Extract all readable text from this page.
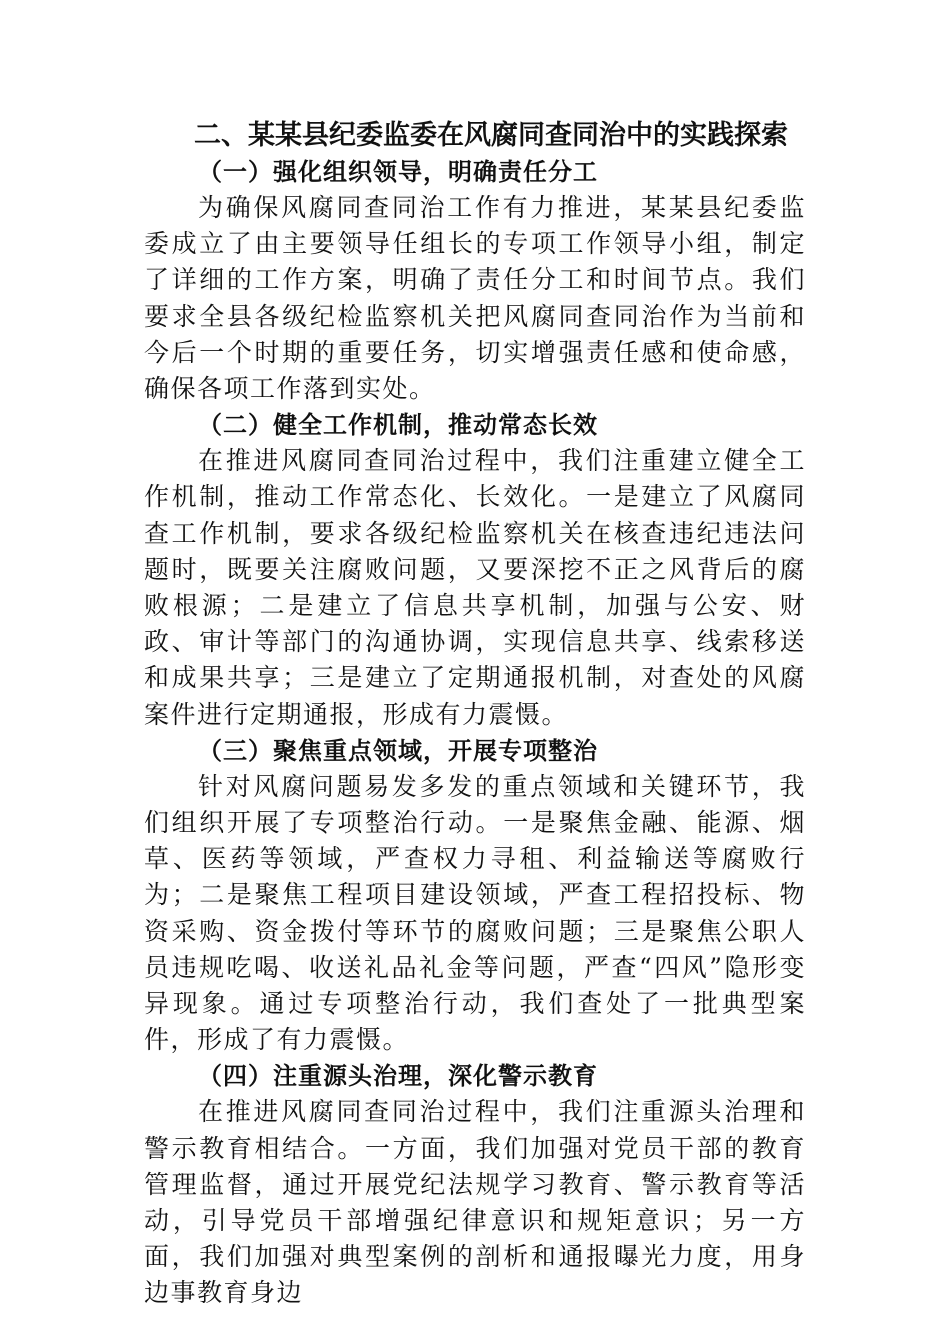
二、某某县纪委监委在风腐同查同治中的实践探索
（一）强化组织领导，明确责任分工

为确保风腐同查同治工作有力推进，某某县纪委监委成立了由主要领导任组长的专项工作领导小组，制定了详细的工作方案，明确了责任分工和时间节点。我们要求全县各级纪检监察机关把风腐同查同治作为当前和今后一个时期的重要任务，切实增强责任感和使命感，确保各项工作落到实处。

（二）健全工作机制，推动常态长效

在推进风腐同查同治过程中，我们注重建立健全工作机制，推动工作常态化、长效化。一是建立了风腐同查工作机制，要求各级纪检监察机关在核查违纪违法问题时，既要关注腐败问题，又要深挖不正之风背后的腐败根源；二是建立了信息共享机制，加强与公安、财政、审计等部门的沟通协调，实现信息共享、线索移送和成果共享；三是建立了定期通报机制，对查处的风腐案件进行定期通报，形成有力震慑。

（三）聚焦重点领域，开展专项整治

针对风腐问题易发多发的重点领域和关键环节，我们组织开展了专项整治行动。一是聚焦金融、能源、烟草、医药等领域，严查权力寻租、利益输送等腐败行为；二是聚焦工程项目建设领域，严查工程招投标、物资采购、资金拨付等环节的腐败问题；三是聚焦公职人员违规吃喝、收送礼品礼金等问题，严查“四风”隐形变异现象。通过专项整治行动，我们查处了一批典型案件，形成了有力震慑。

（四）注重源头治理，深化警示教育

在推进风腐同查同治过程中，我们注重源头治理和警示教育相结合。一方面，我们加强对党员干部的教育管理监督，通过开展党纪法规学习教育、警示教育等活动，引导党员干部增强纪律意识和规矩意识；另一方面，我们加强对典型案例的剖析和通报曝光力度，用身边事教育身边
